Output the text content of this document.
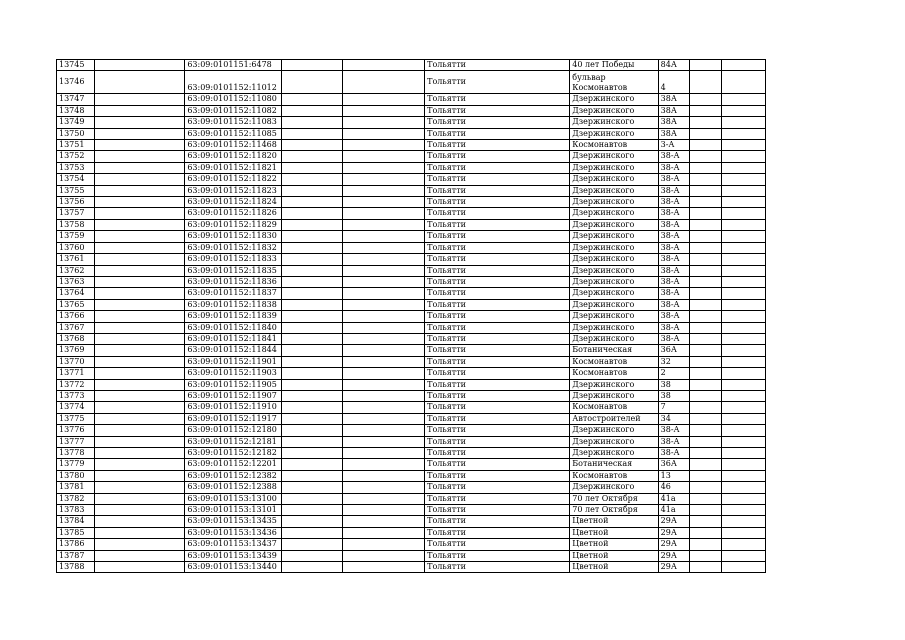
13745		63:09:0101151:6478			Тольятти	40 лет Победы	84А		
13746		63:09:0101152:11012			Тольятти	бульвар Космонавтов	4		
13747		63:09:0101152:11080			Тольятти	Дзержинского	38А		
13748		63:09:0101152:11082			Тольятти	Дзержинского	38А		
13749		63:09:0101152:11083			Тольятти	Дзержинского	38А		
13750		63:09:0101152:11085			Тольятти	Дзержинского	38А		
13751		63:09:0101152:11468			Тольятти	Космонавтов	3-А		
13752		63:09:0101152:11820			Тольятти	Дзержинского	38-А		
13753		63:09:0101152:11821			Тольятти	Дзержинского	38-А		
13754		63:09:0101152:11822			Тольятти	Дзержинского	38-А		
13755		63:09:0101152:11823			Тольятти	Дзержинского	38-А		
13756		63:09:0101152:11824			Тольятти	Дзержинского	38-А		
13757		63:09:0101152:11826			Тольятти	Дзержинского	38-А		
13758		63:09:0101152:11829			Тольятти	Дзержинского	38-А		
13759		63:09:0101152:11830			Тольятти	Дзержинского	38-А		
13760		63:09:0101152:11832			Тольятти	Дзержинского	38-А		
13761		63:09:0101152:11833			Тольятти	Дзержинского	38-А		
13762		63:09:0101152:11835			Тольятти	Дзержинского	38-А		
13763		63:09:0101152:11836			Тольятти	Дзержинского	38-А		
13764		63:09:0101152:11837			Тольятти	Дзержинского	38-А		
13765		63:09:0101152:11838			Тольятти	Дзержинского	38-А		
13766		63:09:0101152:11839			Тольятти	Дзержинского	38-А		
13767		63:09:0101152:11840			Тольятти	Дзержинского	38-А		
13768		63:09:0101152:11841			Тольятти	Дзержинского	38-А		
13769		63:09:0101152:11844			Тольятти	Ботаническая	36А		
13770		63:09:0101152:11901			Тольятти	Космонавтов	32		
13771		63:09:0101152:11903			Тольятти	Космонавтов	2		
13772		63:09:0101152:11905			Тольятти	Дзержинского	38		
13773		63:09:0101152:11907			Тольятти	Дзержинского	38		
13774		63:09:0101152:11910			Тольятти	Космонавтов	7		
13775		63:09:0101152:11917			Тольятти	Автостроителей	34		
13776		63:09:0101152:12180			Тольятти	Дзержинского	38-А		
13777		63:09:0101152:12181			Тольятти	Дзержинского	38-А		
13778		63:09:0101152:12182			Тольятти	Дзержинского	38-А		
13779		63:09:0101152:12201			Тольятти	Ботаническая	36А		
13780		63:09:0101152:12382			Тольятти	Космонавтов	13		
13781		63:09:0101152:12388			Тольятти	Дзержинского	46		
13782		63:09:0101153:13100			Тольятти	70 лет Октября	41а		
13783		63:09:0101153:13101			Тольятти	70 лет Октября	41а		
13784		63:09:0101153:13435			Тольятти	Цветной	29А		
13785		63:09:0101153:13436			Тольятти	Цветной	29А		
13786		63:09:0101153:13437			Тольятти	Цветной	29А		
13787		63:09:0101153:13439			Тольятти	Цветной	29А		
13788		63:09:0101153:13440			Тольятти	Цветной	29А		
